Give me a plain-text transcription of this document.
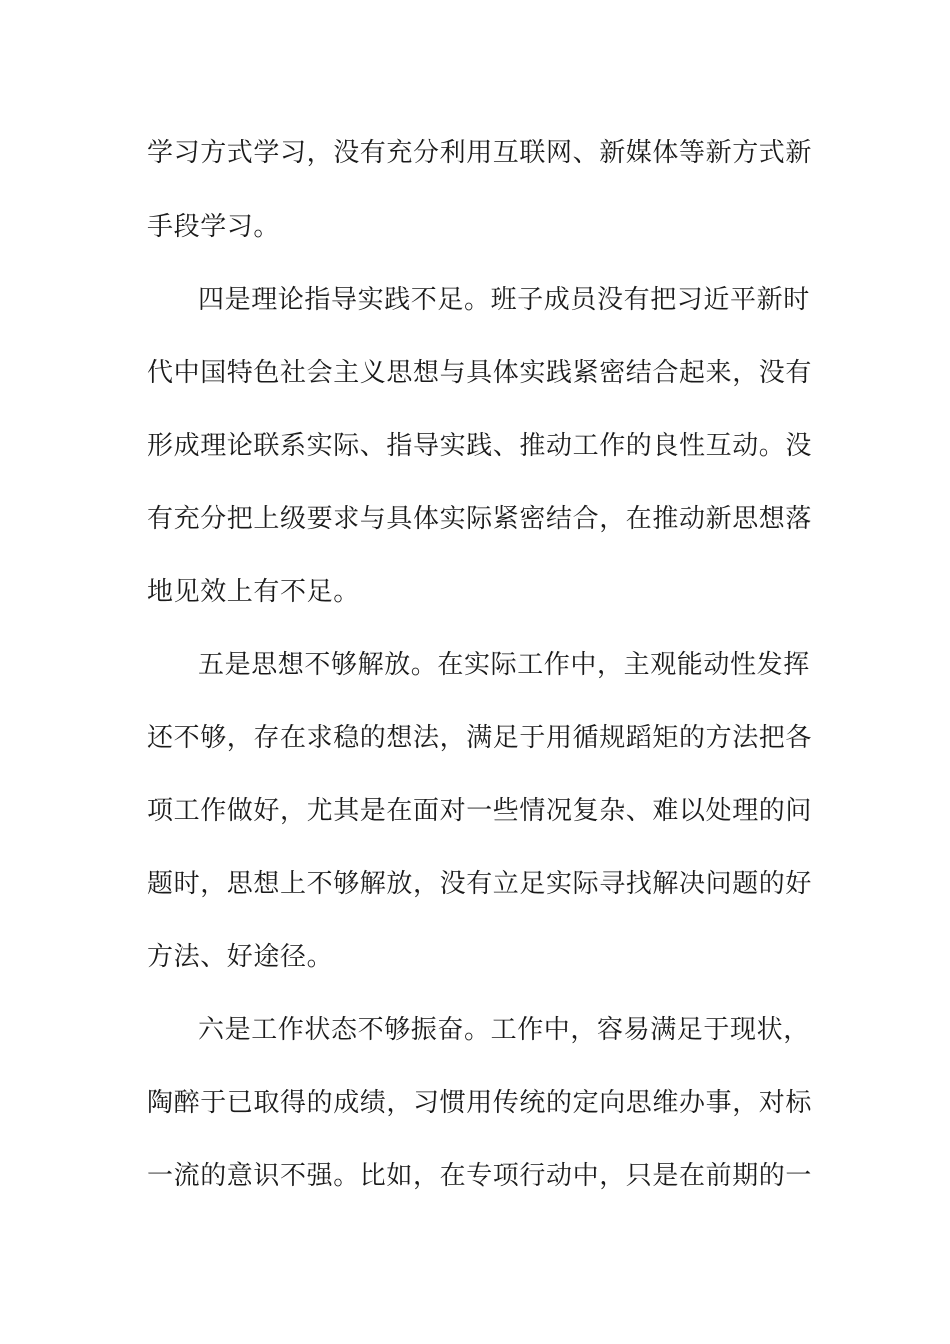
学习方式学习，没有充分利用互联网、新媒体等新方式新
手段学习。
四是理论指导实践不足。班子成员没有把习近平新时
代中国特色社会主义思想与具体实践紧密结合起来，没有
形成理论联系实际、指导实践、推动工作的良性互动。没
有充分把上级要求与具体实际紧密结合，在推动新思想落
地见效上有不足。
五是思想不够解放。在实际工作中，主观能动性发挥
还不够，存在求稳的想法，满足于用循规蹈矩的方法把各
项工作做好，尤其是在面对一些情况复杂、难以处理的问
题时，思想上不够解放，没有立足实际寻找解决问题的好
方法、好途径。
六是工作状态不够振奋。工作中，容易满足于现状，
陶醉于已取得的成绩，习惯用传统的定向思维办事，对标
一流的意识不强。比如，在专项行动中，只是在前期的一
